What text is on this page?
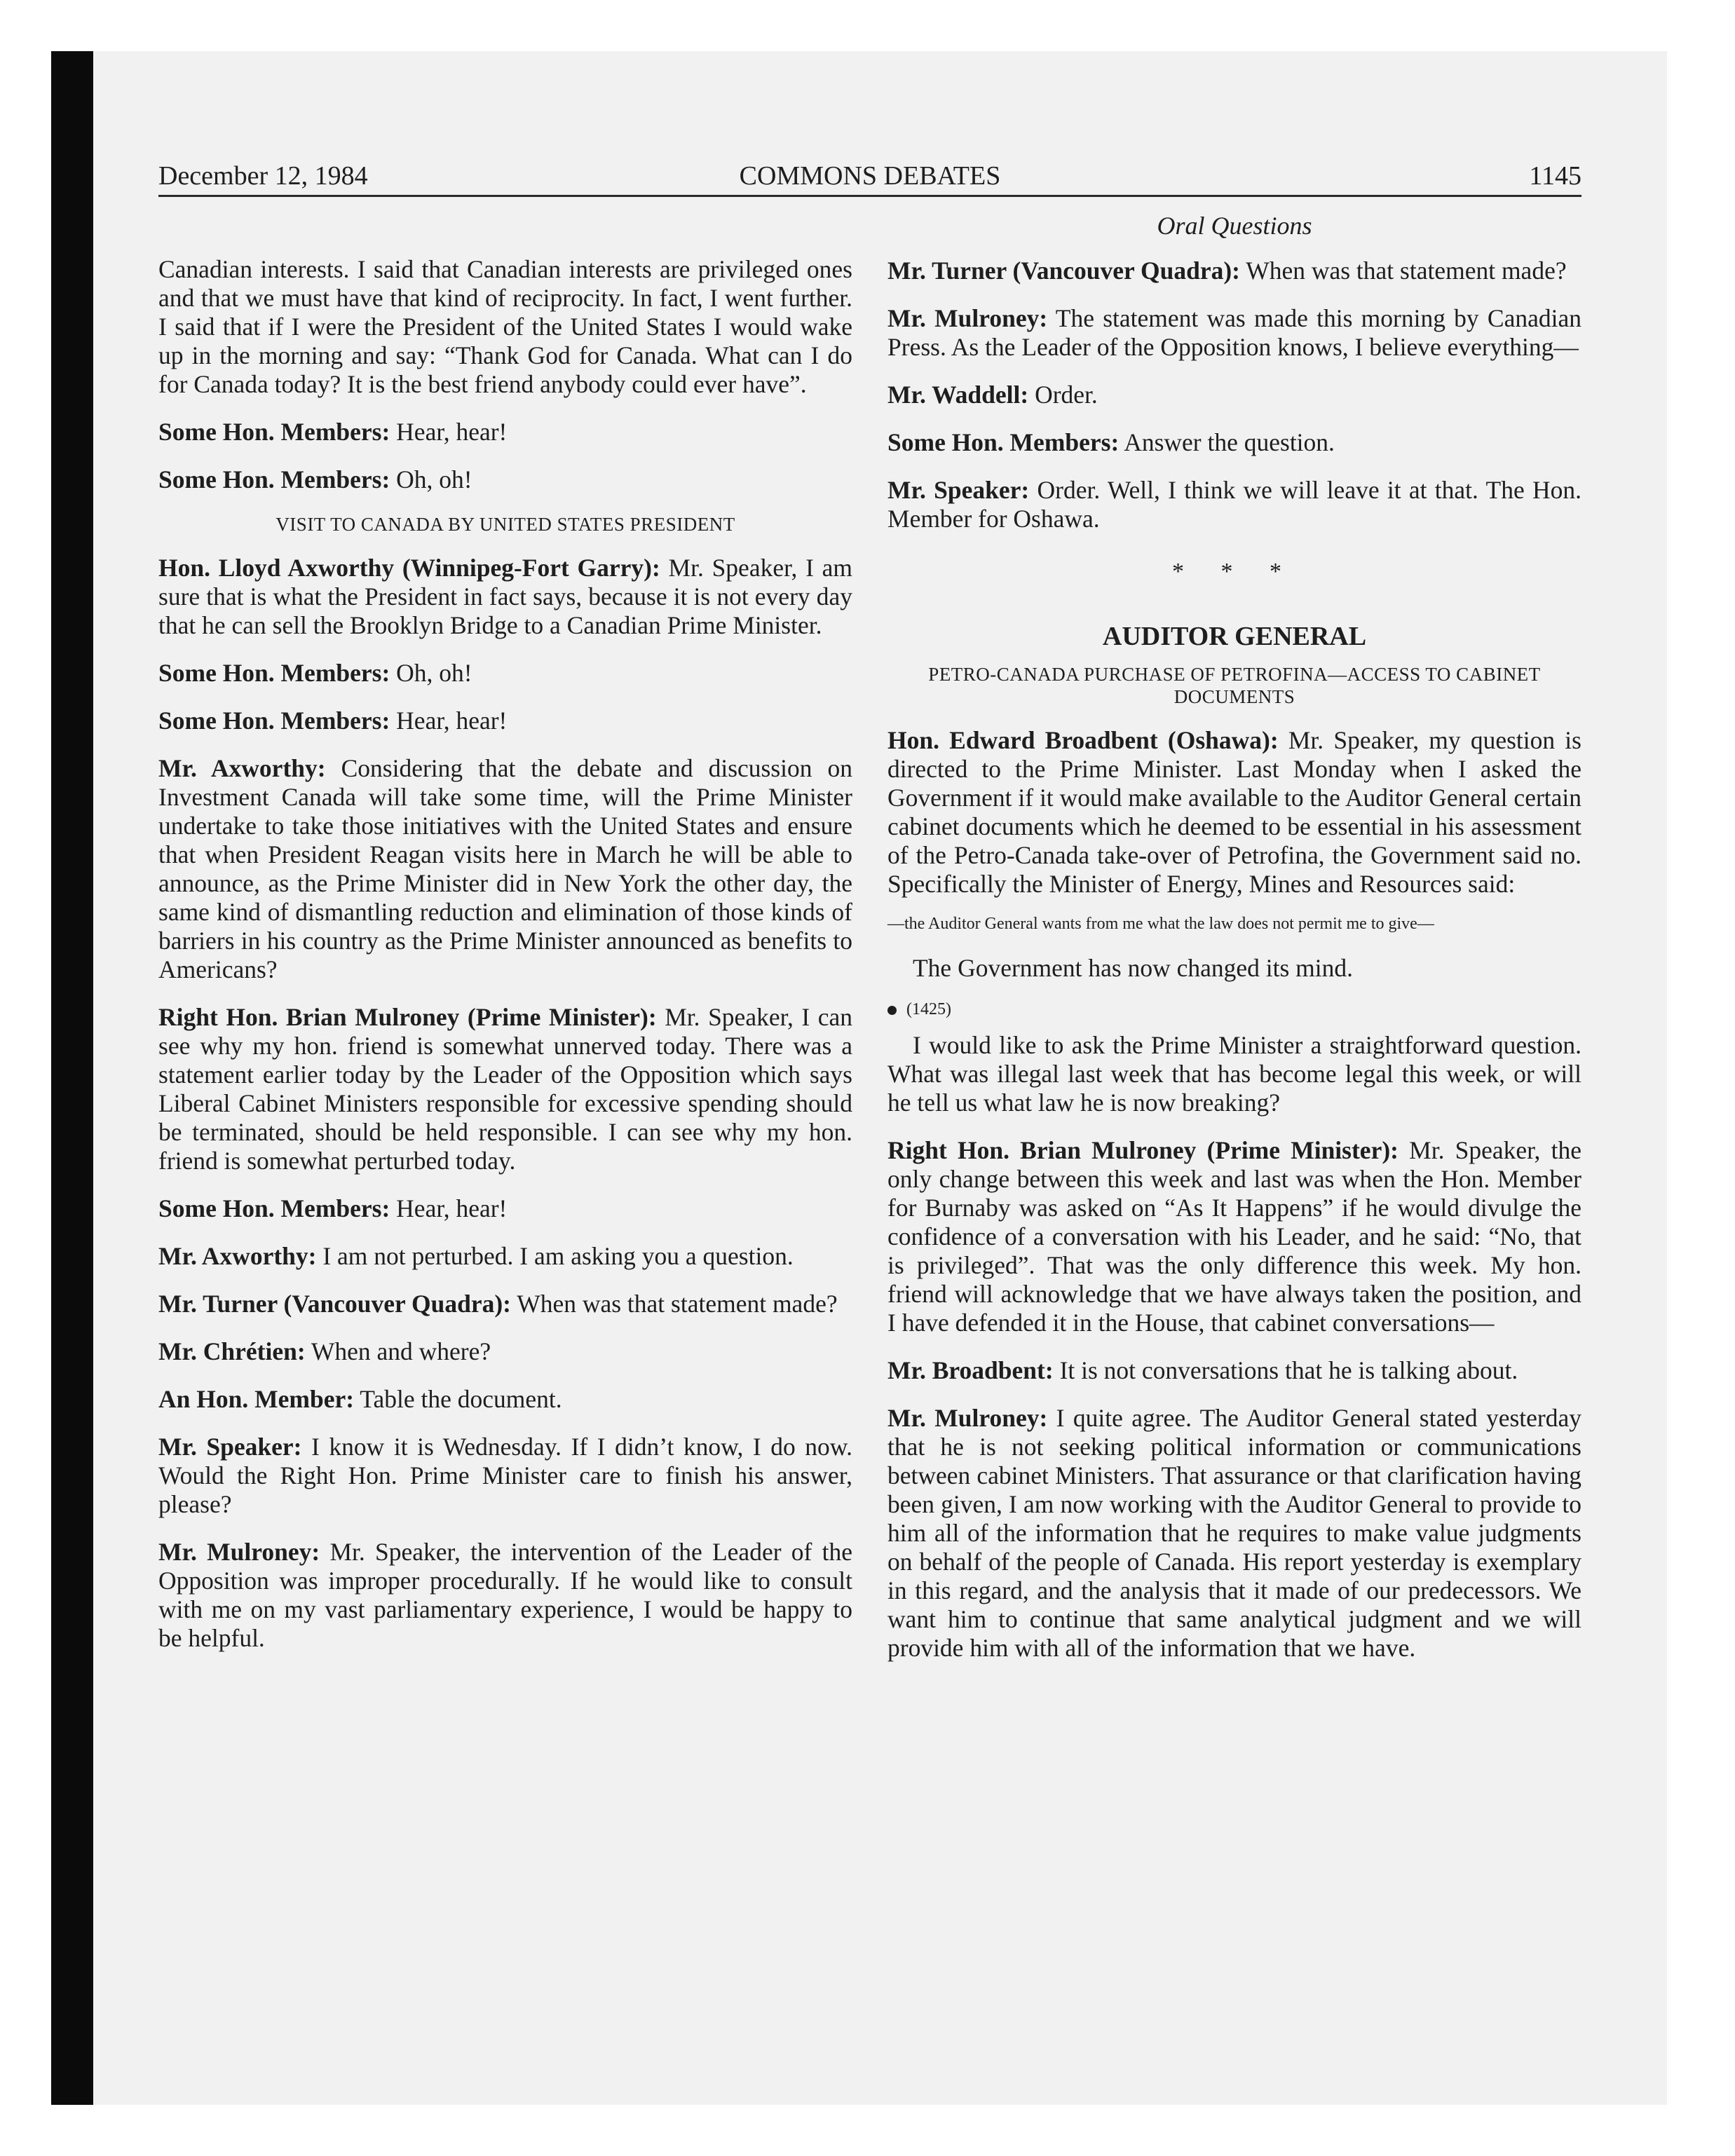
December 12, 1984	COMMONS DEBATES	1145

Canadian interests. I said that Canadian interests are privileged ones and that we must have that kind of reciprocity. In fact, I went further. I said that if I were the President of the United States I would wake up in the morning and say: “Thank God for Canada. What can I do for Canada today? It is the best friend anybody could ever have”.

Some Hon. Members: Hear, hear!

Some Hon. Members: Oh, oh!

VISIT TO CANADA BY UNITED STATES PRESIDENT

Hon. Lloyd Axworthy (Winnipeg-Fort Garry): Mr. Speaker, I am sure that is what the President in fact says, because it is not every day that he can sell the Brooklyn Bridge to a Canadian Prime Minister.

Some Hon. Members: Oh, oh!

Some Hon. Members: Hear, hear!

Mr. Axworthy: Considering that the debate and discussion on Investment Canada will take some time, will the Prime Minister undertake to take those initiatives with the United States and ensure that when President Reagan visits here in March he will be able to announce, as the Prime Minister did in New York the other day, the same kind of dismantling reduction and elimination of those kinds of barriers in his country as the Prime Minister announced as benefits to Americans?

Right Hon. Brian Mulroney (Prime Minister): Mr. Speaker, I can see why my hon. friend is somewhat unnerved today. There was a statement earlier today by the Leader of the Opposition which says Liberal Cabinet Ministers responsible for excessive spending should be terminated, should be held responsible. I can see why my hon. friend is somewhat perturbed today.

Some Hon. Members: Hear, hear!

Mr. Axworthy: I am not perturbed. I am asking you a question.

Mr. Turner (Vancouver Quadra): When was that statement made?

Mr. Chrétien: When and where?

An Hon. Member: Table the document.

Mr. Speaker: I know it is Wednesday. If I didn’t know, I do now. Would the Right Hon. Prime Minister care to finish his answer, please?

Mr. Mulroney: Mr. Speaker, the intervention of the Leader of the Opposition was improper procedurally. If he would like to consult with me on my vast parliamentary experience, I would be happy to be helpful.

Oral Questions

Mr. Turner (Vancouver Quadra): When was that statement made?

Mr. Mulroney: The statement was made this morning by Canadian Press. As the Leader of the Opposition knows, I believe everything—

Mr. Waddell: Order.

Some Hon. Members: Answer the question.

Mr. Speaker: Order. Well, I think we will leave it at that. The Hon. Member for Oshawa.

* * *
AUDITOR GENERAL
PETRO-CANADA PURCHASE OF PETROFINA—ACCESS TO CABINET DOCUMENTS

Hon. Edward Broadbent (Oshawa): Mr. Speaker, my question is directed to the Prime Minister. Last Monday when I asked the Government if it would make available to the Auditor General certain cabinet documents which he deemed to be essential in his assessment of the Petro-Canada take-over of Petrofina, the Government said no. Specifically the Minister of Energy, Mines and Resources said:

—the Auditor General wants from me what the law does not permit me to give—

The Government has now changed its mind.

(1425)

I would like to ask the Prime Minister a straightforward question. What was illegal last week that has become legal this week, or will he tell us what law he is now breaking?

Right Hon. Brian Mulroney (Prime Minister): Mr. Speaker, the only change between this week and last was when the Hon. Member for Burnaby was asked on “As It Happens” if he would divulge the confidence of a conversation with his Leader, and he said: “No, that is privileged”. That was the only difference this week. My hon. friend will acknowledge that we have always taken the position, and I have defended it in the House, that cabinet conversations—

Mr. Broadbent: It is not conversations that he is talking about.

Mr. Mulroney: I quite agree. The Auditor General stated yesterday that he is not seeking political information or communications between cabinet Ministers. That assurance or that clarification having been given, I am now working with the Auditor General to provide to him all of the information that he requires to make value judgments on behalf of the people of Canada. His report yesterday is exemplary in this regard, and the analysis that it made of our predecessors. We want him to continue that same analytical judgment and we will provide him with all of the information that we have.
